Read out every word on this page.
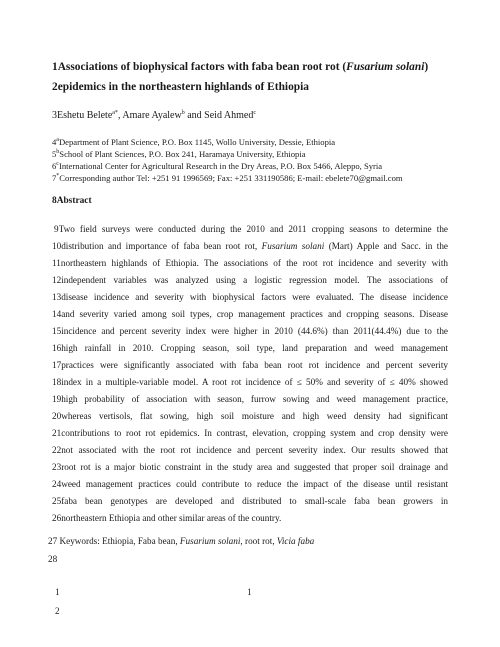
1Associations of biophysical factors with faba bean root rot (Fusarium solani)
2epidemics in the northeastern highlands of Ethiopia
3Eshetu Belete$^{a*}$, Amare Ayalew$^b$ and Seid Ahmed$^c$
4$^a$Department of Plant Science, P.O. Box 1145, Wollo University, Dessie, Ethiopia
5$^b$School of Plant Sciences, P.O. Box 241, Haramaya University, Ethiopia
6$^c$International Center for Agricultural Research in the Dry Areas, P.O. Box 5466, Aleppo, Syria
7*Corresponding author Tel: +251 91 1996569; Fax: +251 331190586; E-mail: ebelete70@gmail.com
8Abstract
9 Two field surveys were conducted during the 2010 and 2011 cropping seasons to determine the
10 distribution and importance of faba bean root rot, Fusarium solani (Mart) Apple and Sacc. in the
11 northeastern highlands of Ethiopia. The associations of the root rot incidence and severity with
12 independent variables was analyzed using a logistic regression model. The associations of
13 disease incidence and severity with biophysical factors were evaluated. The disease incidence
14 and severity varied among soil types, crop management practices and cropping seasons. Disease
15 incidence and percent severity index were higher in 2010 (44.6%) than 2011(44.4%) due to the
16 high rainfall in 2010. Cropping season, soil type, land preparation and weed management
17 practices were significantly associated with faba bean root rot incidence and percent severity
18 index in a multiple-variable model. A root rot incidence of ≤ 50% and severity of ≤ 40% showed
19 high probability of association with season, furrow sowing and weed management practice,
20 whereas vertisols, flat sowing, high soil moisture and high weed density had significant
21 contributions to root rot epidemics. In contrast, elevation, cropping system and crop density were
22 not associated with the root rot incidence and percent severity index. Our results showed that
23 root rot is a major biotic constraint in the study area and suggested that proper soil drainage and
24 weed management practices could contribute to reduce the impact of the disease until resistant
25 faba bean genotypes are developed and distributed to small-scale faba bean growers in
26 northeastern Ethiopia and other similar areas of the country.
27 Keywords: Ethiopia, Faba bean, Fusarium solani, root rot, Vicia faba
28
1	1
2
